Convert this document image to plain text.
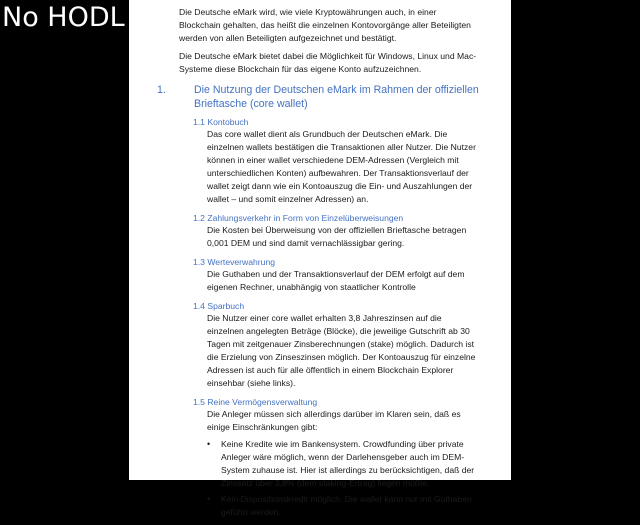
No HODL	Die Deutsche eMark wird, wie viele Kryptowährungen auch, in einer Blockchain gehalten, das heißt die einzelnen Kontovorgänge aller Beteiligten werden von allen Beteiligten aufgezeichnet und bestätigt.

Die Deutsche eMark bietet dabei die Möglichkeit für Windows, Linux und Mac-Systeme diese Blockchain für das eigene Konto aufzuzeichnen.

1.	Die Nutzung der Deutschen eMark im Rahmen der offiziellen Brieftasche (core wallet)
1.1 Kontobuch

Das core wallet dient als Grundbuch der Deutschen eMark. Die einzelnen wallets bestätigen die Transaktionen aller Nutzer. Die Nutzer können in einer wallet verschiedene DEM-Adressen (Vergleich mit unterschiedlichen Konten) aufbewahren. Der Transaktionsverlauf der wallet zeigt dann wie ein Kontoauszug die Ein- und Auszahlungen der wallet – und somit einzelner Adressen) an.

1.2 Zahlungsverkehr in Form von Einzelüberweisungen

Die Kosten bei Überweisung von der offiziellen Brieftasche betragen 0,001 DEM und sind damit vernachlässigbar gering.

1.3 Werteverwahrung

Die Guthaben und der Transaktionsverlauf der DEM erfolgt auf dem eigenen Rechner, unabhängig von staatlicher Kontrolle

1.4 Sparbuch

Die Nutzer einer core wallet erhalten 3,8 Jahreszinsen auf die einzelnen angelegten Beträge (Blöcke), die jeweilige Gutschrift ab 30 Tagen mit zeitgenauer Zinsberechnungen (stake) möglich. Dadurch ist die Erzielung von Zinseszinsen möglich. Der Kontoauszug für einzelne Adressen ist auch für alle öffentlich in einem Blockchain Explorer einsehbar (siehe links).

1.5 Reine Vermögensverwaltung

Die Anleger müssen sich allerdings darüber im Klaren sein, daß es einige Einschränkungen gibt:

• Keine Kredite wie im Bankensystem. Crowdfunding über private Anleger wäre möglich, wenn der Darlehensgeber auch im DEM-System zuhause ist. Hier ist allerdings zu berücksichtigen, daß der Zinssatz über 3,8% (dem staking-Ertrag) liegen müßte.
• Kein Dispositionskredit möglich. Die wallet kann nur mit Guthaben geführt werden.
